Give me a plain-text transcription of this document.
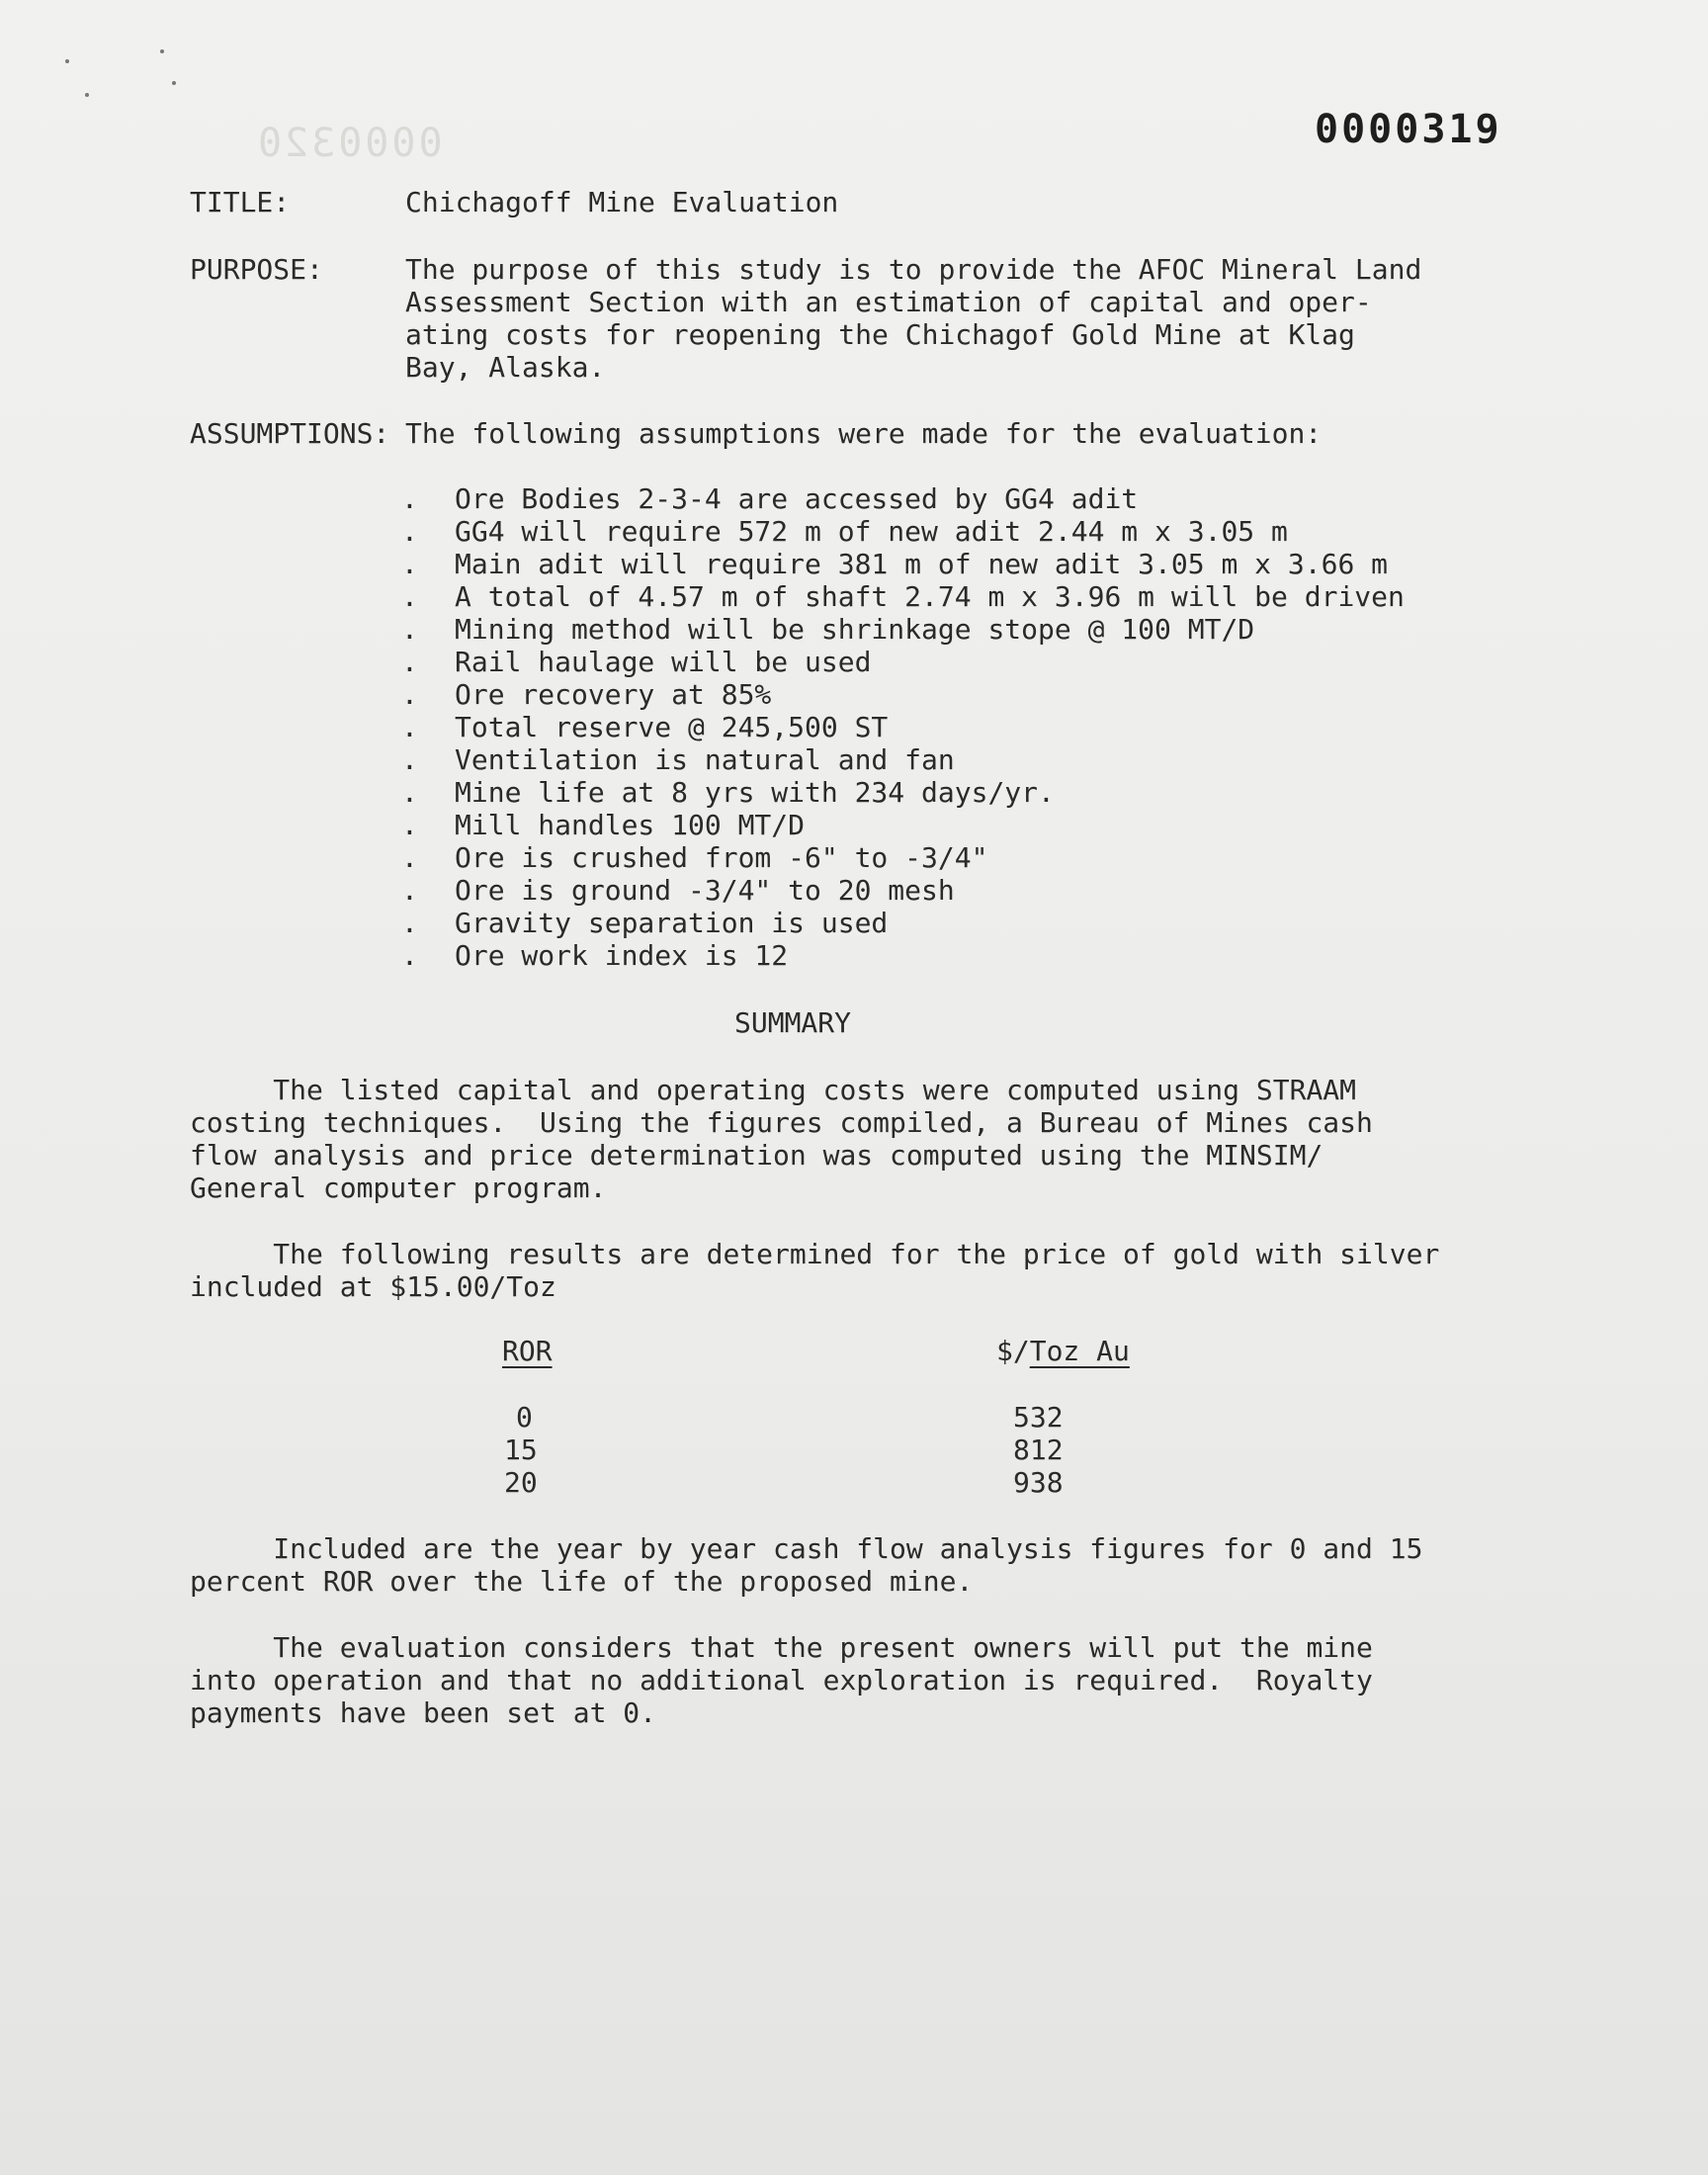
0000320	0000319
TITLE:	Chichagoff Mine Evaluation
PURPOSE:	The purpose of this study is to provide the AFOC Mineral Land
Assessment Section with an estimation of capital and oper-
ating costs for reopening the Chichagof Gold Mine at Klag
Bay, Alaska.
ASSUMPTIONS: The following assumptions were made for the evaluation:
. Ore Bodies 2-3-4 are accessed by GG4 adit
. GG4 will require 572 m of new adit 2.44 m x 3.05 m
. Main adit will require 381 m of new adit 3.05 m x 3.66 m
. A total of 4.57 m of shaft 2.74 m x 3.96 m will be driven
. Mining method will be shrinkage stope @ 100 MT/D
. Rail haulage will be used
. Ore recovery at 85%
. Total reserve @ 245,500 ST
. Ventilation is natural and fan
. Mine life at 8 yrs with 234 days/yr.
. Mill handles 100 MT/D
. Ore is crushed from -6" to -3/4"
. Ore is ground -3/4" to 20 mesh
. Gravity separation is used
. Ore work index is 12
SUMMARY
The listed capital and operating costs were computed using STRAAM
costing techniques.  Using the figures compiled, a Bureau of Mines cash
flow analysis and price determination was computed using the MINSIM/
General computer program.
The following results are determined for the price of gold with silver
included at $15.00/Toz
ROR	$/Toz Au
0	532
15	812
20	938
Included are the year by year cash flow analysis figures for 0 and 15
percent ROR over the life of the proposed mine.
The evaluation considers that the present owners will put the mine
into operation and that no additional exploration is required.  Royalty
payments have been set at 0.
